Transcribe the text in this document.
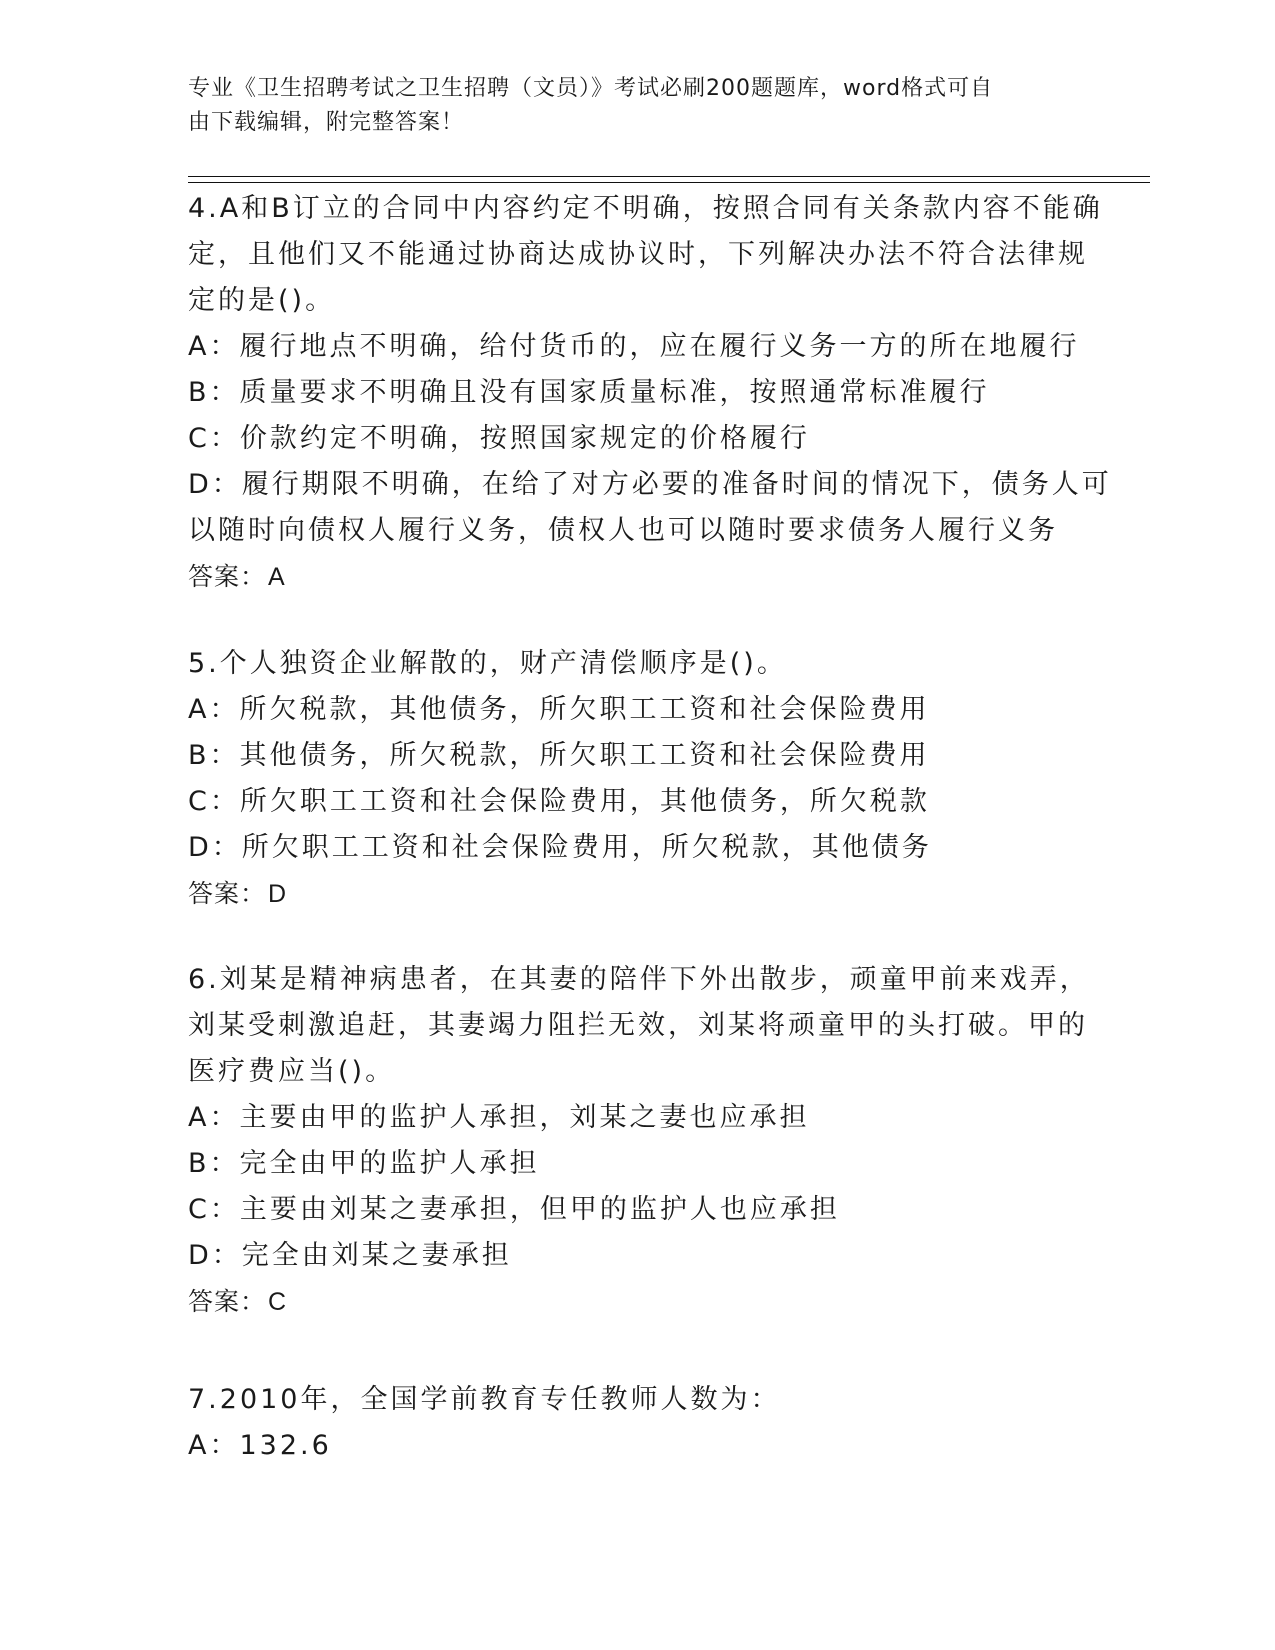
专业《卫生招聘考试之卫生招聘（文员）》考试必刷200题题库，word格式可自
由下载编辑，附完整答案！
4.A和B订立的合同中内容约定不明确，按照合同有关条款内容不能确
定，且他们又不能通过协商达成协议时，下列解决办法不符合法律规
定的是()。
A：履行地点不明确，给付货币的，应在履行义务一方的所在地履行
B：质量要求不明确且没有国家质量标准，按照通常标准履行
C：价款约定不明确，按照国家规定的价格履行
D：履行期限不明确，在给了对方必要的准备时间的情况下，债务人可
以随时向债权人履行义务，债权人也可以随时要求债务人履行义务
答案：A
5.个人独资企业解散的，财产清偿顺序是()。
A：所欠税款，其他债务，所欠职工工资和社会保险费用
B：其他债务，所欠税款，所欠职工工资和社会保险费用
C：所欠职工工资和社会保险费用，其他债务，所欠税款
D：所欠职工工资和社会保险费用，所欠税款，其他债务
答案：D
6.刘某是精神病患者，在其妻的陪伴下外出散步，顽童甲前来戏弄，
刘某受刺激追赶，其妻竭力阻拦无效，刘某将顽童甲的头打破。甲的
医疗费应当()。
A：主要由甲的监护人承担，刘某之妻也应承担
B：完全由甲的监护人承担
C：主要由刘某之妻承担，但甲的监护人也应承担
D：完全由刘某之妻承担
答案：C
7.2010年，全国学前教育专任教师人数为：
A：132.6
